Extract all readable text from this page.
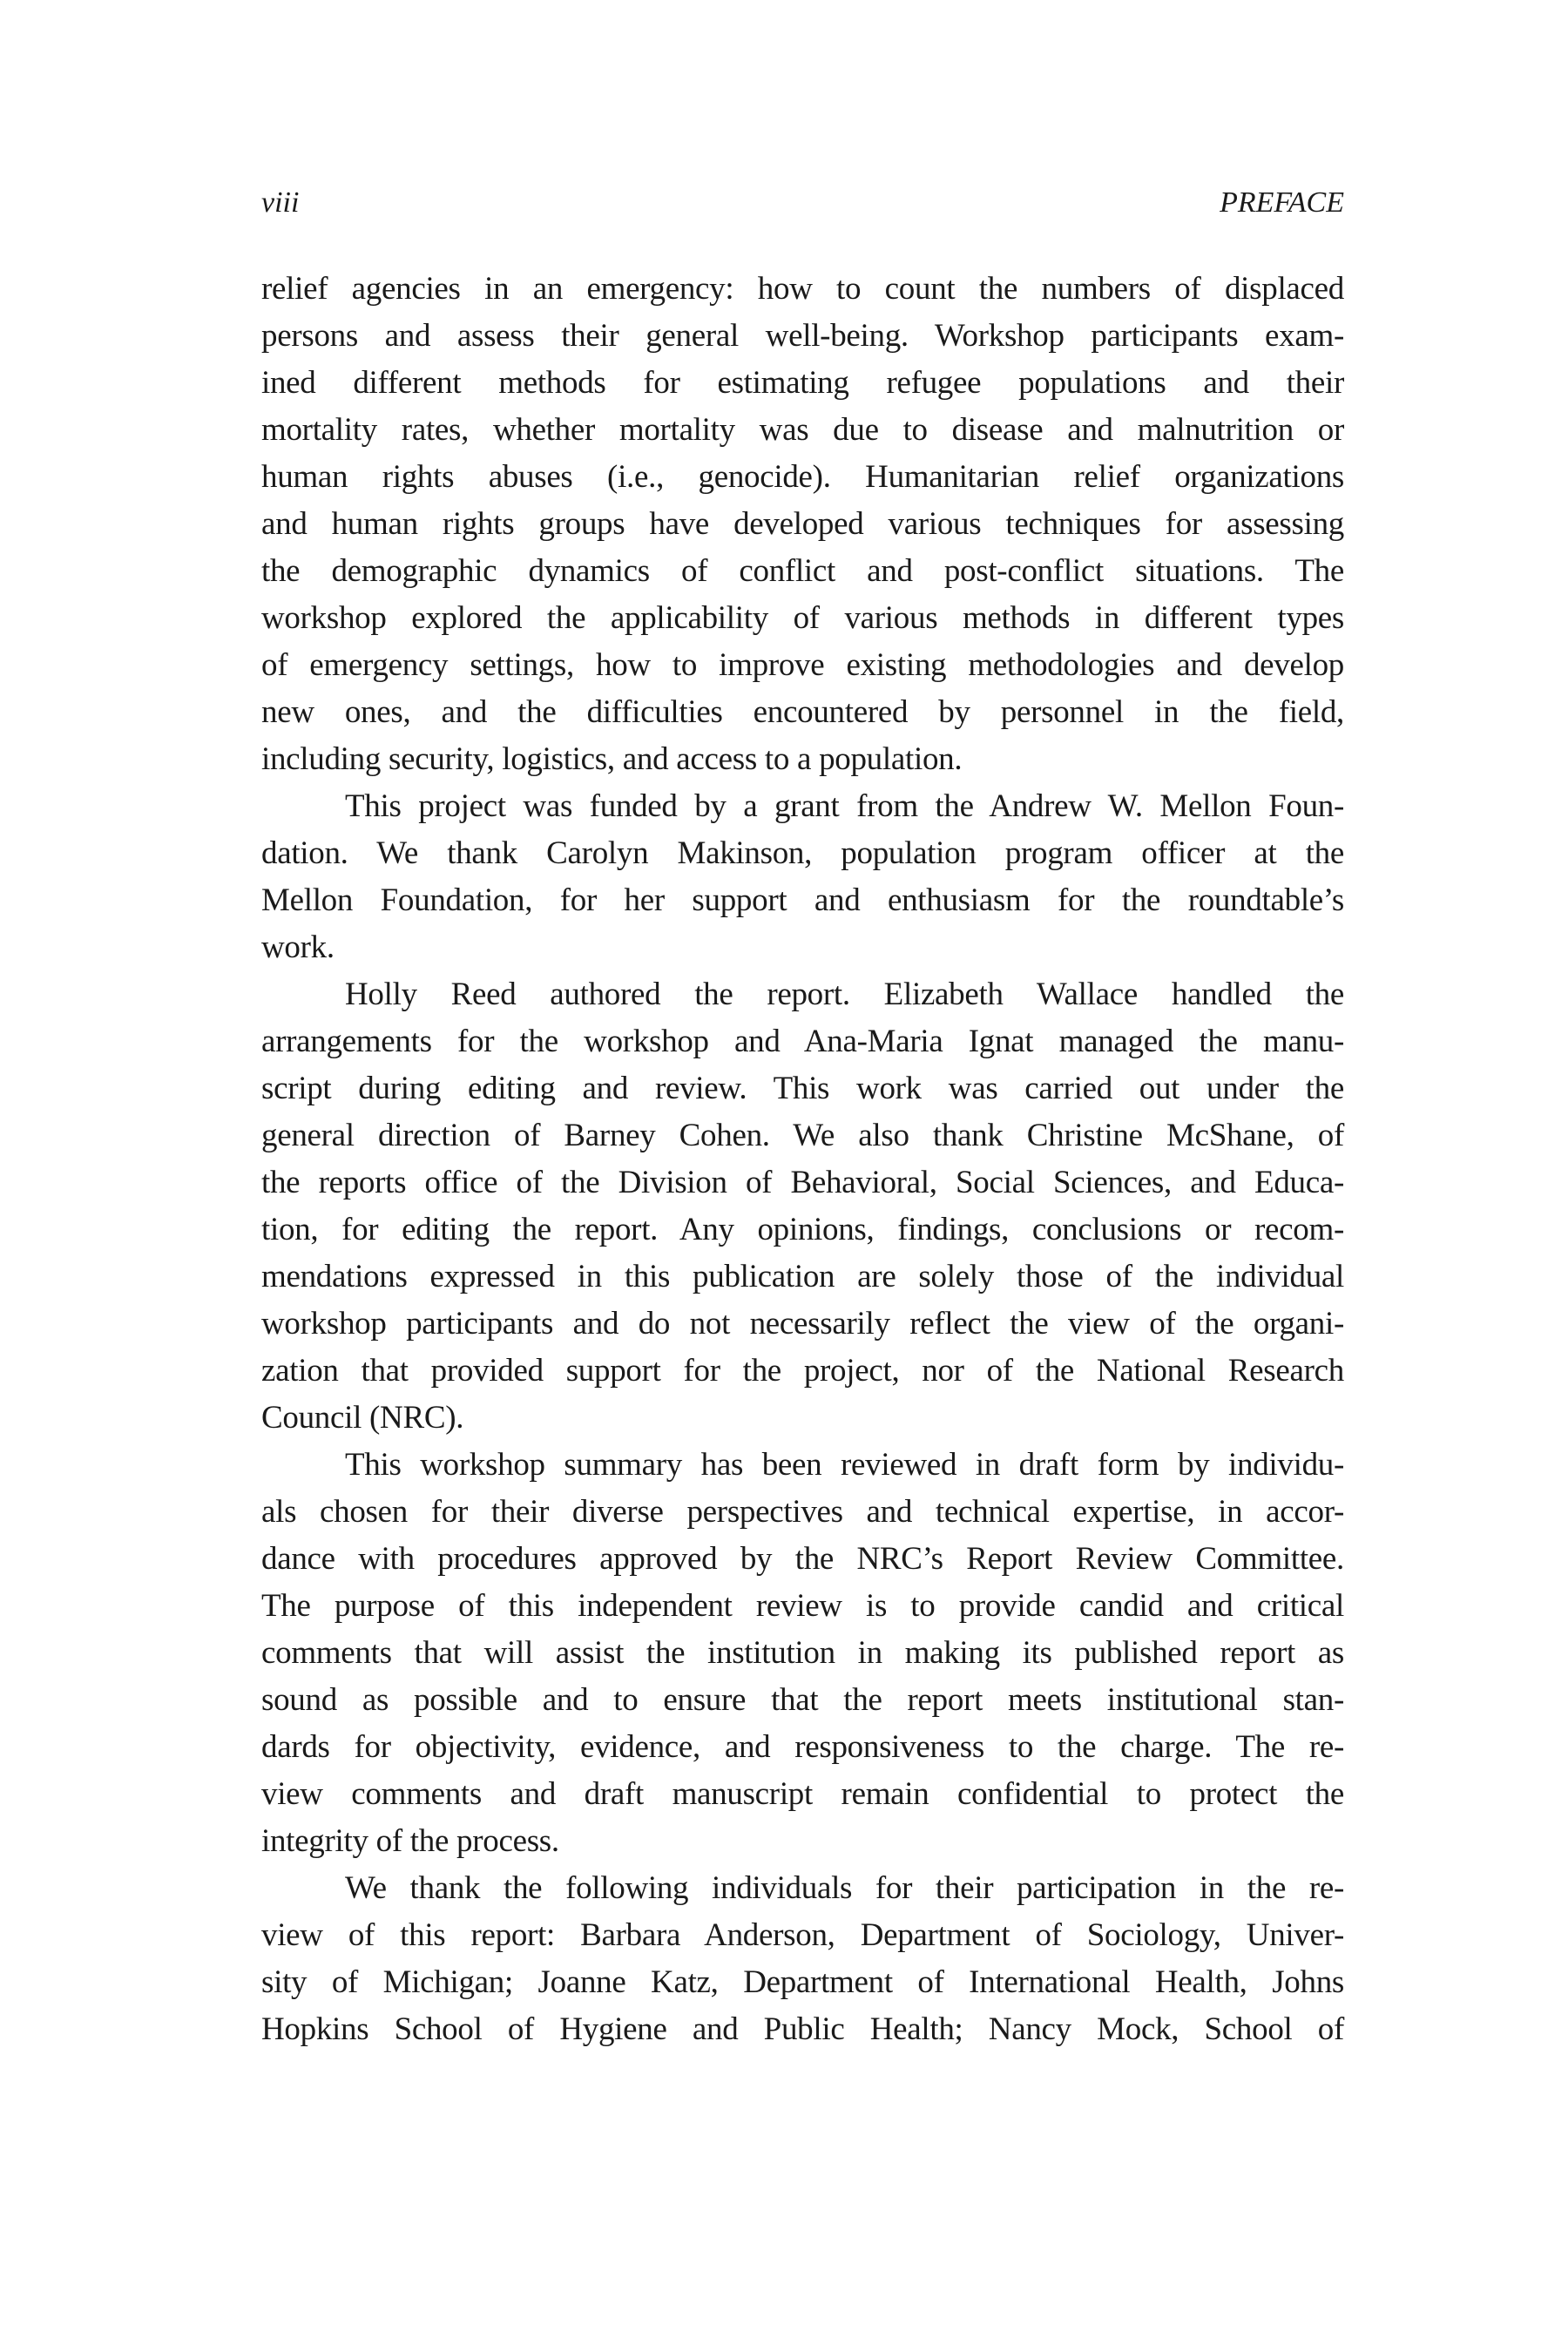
viii	PREFACE
relief agencies in an emergency: how to count the numbers of displaced
persons and assess their general well-being. Workshop participants exam-
ined different methods for estimating refugee populations and their
mortality rates, whether mortality was due to disease and malnutrition or
human rights abuses (i.e., genocide). Humanitarian relief organizations
and human rights groups have developed various techniques for assessing
the demographic dynamics of conflict and post-conflict situations. The
workshop explored the applicability of various methods in different types
of emergency settings, how to improve existing methodologies and develop
new ones, and the difficulties encountered by personnel in the field,
including security, logistics, and access to a population.
This project was funded by a grant from the Andrew W. Mellon Foun-
dation. We thank Carolyn Makinson, population program officer at the
Mellon Foundation, for her support and enthusiasm for the roundtable’s
work.
Holly Reed authored the report. Elizabeth Wallace handled the
arrangements for the workshop and Ana-Maria Ignat managed the manu-
script during editing and review. This work was carried out under the
general direction of Barney Cohen. We also thank Christine McShane, of
the reports office of the Division of Behavioral, Social Sciences, and Educa-
tion, for editing the report. Any opinions, findings, conclusions or recom-
mendations expressed in this publication are solely those of the individual
workshop participants and do not necessarily reflect the view of the organi-
zation that provided support for the project, nor of the National Research
Council (NRC).
This workshop summary has been reviewed in draft form by individu-
als chosen for their diverse perspectives and technical expertise, in accor-
dance with procedures approved by the NRC’s Report Review Committee.
The purpose of this independent review is to provide candid and critical
comments that will assist the institution in making its published report as
sound as possible and to ensure that the report meets institutional stan-
dards for objectivity, evidence, and responsiveness to the charge. The re-
view comments and draft manuscript remain confidential to protect the
integrity of the process.
We thank the following individuals for their participation in the re-
view of this report: Barbara Anderson, Department of Sociology, Univer-
sity of Michigan; Joanne Katz, Department of International Health, Johns
Hopkins School of Hygiene and Public Health; Nancy Mock, School of
